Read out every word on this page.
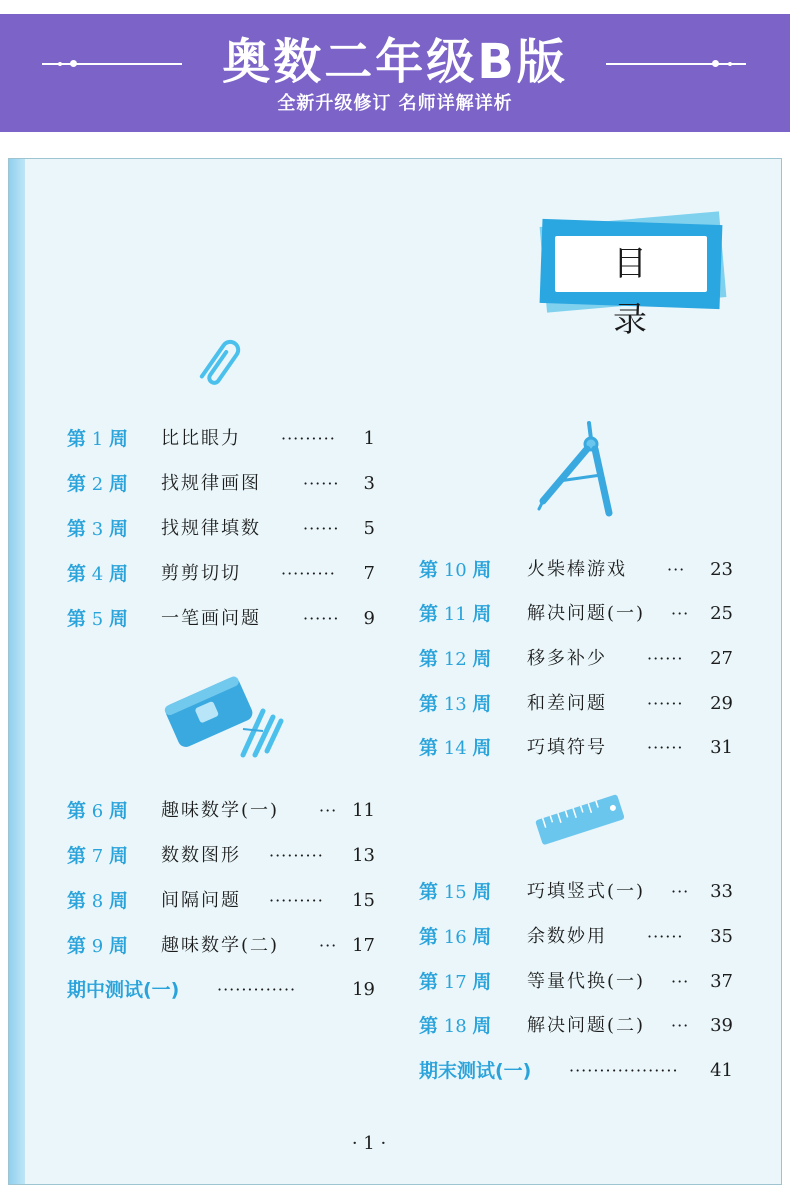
奥数二年级B版
全新升级修订 名师详解详析
目 录
第 1 周 比比眼力	·········	1
第 2 周 找规律画图	······	3
第 3 周 找规律填数	······	5
第 4 周 剪剪切切	·········	7
第 5 周 一笔画问题	······	9
第 6 周 趣味数学(一) ··· 11
第 7 周 数数图形 ·········	13
第 8 周 间隔问题 ·········	15
第 9 周 趣味数学(二) ··· 17
期中测试(一) ·············	19
第 10 周 火柴棒游戏	···	23
第 11 周 解决问题(一) ···	25
第 12 周 移多补少	······	27
第 13 周 和差问题	······	29
第 14 周 巧填符号	······	31
第 15 周 巧填竖式(一) ···	33
第 16 周 余数妙用	······	35
第 17 周 等量代换(一) ···	37
第 18 周 解决问题(二) ···	39
期末测试(一) ··················	41
· 1 ·
